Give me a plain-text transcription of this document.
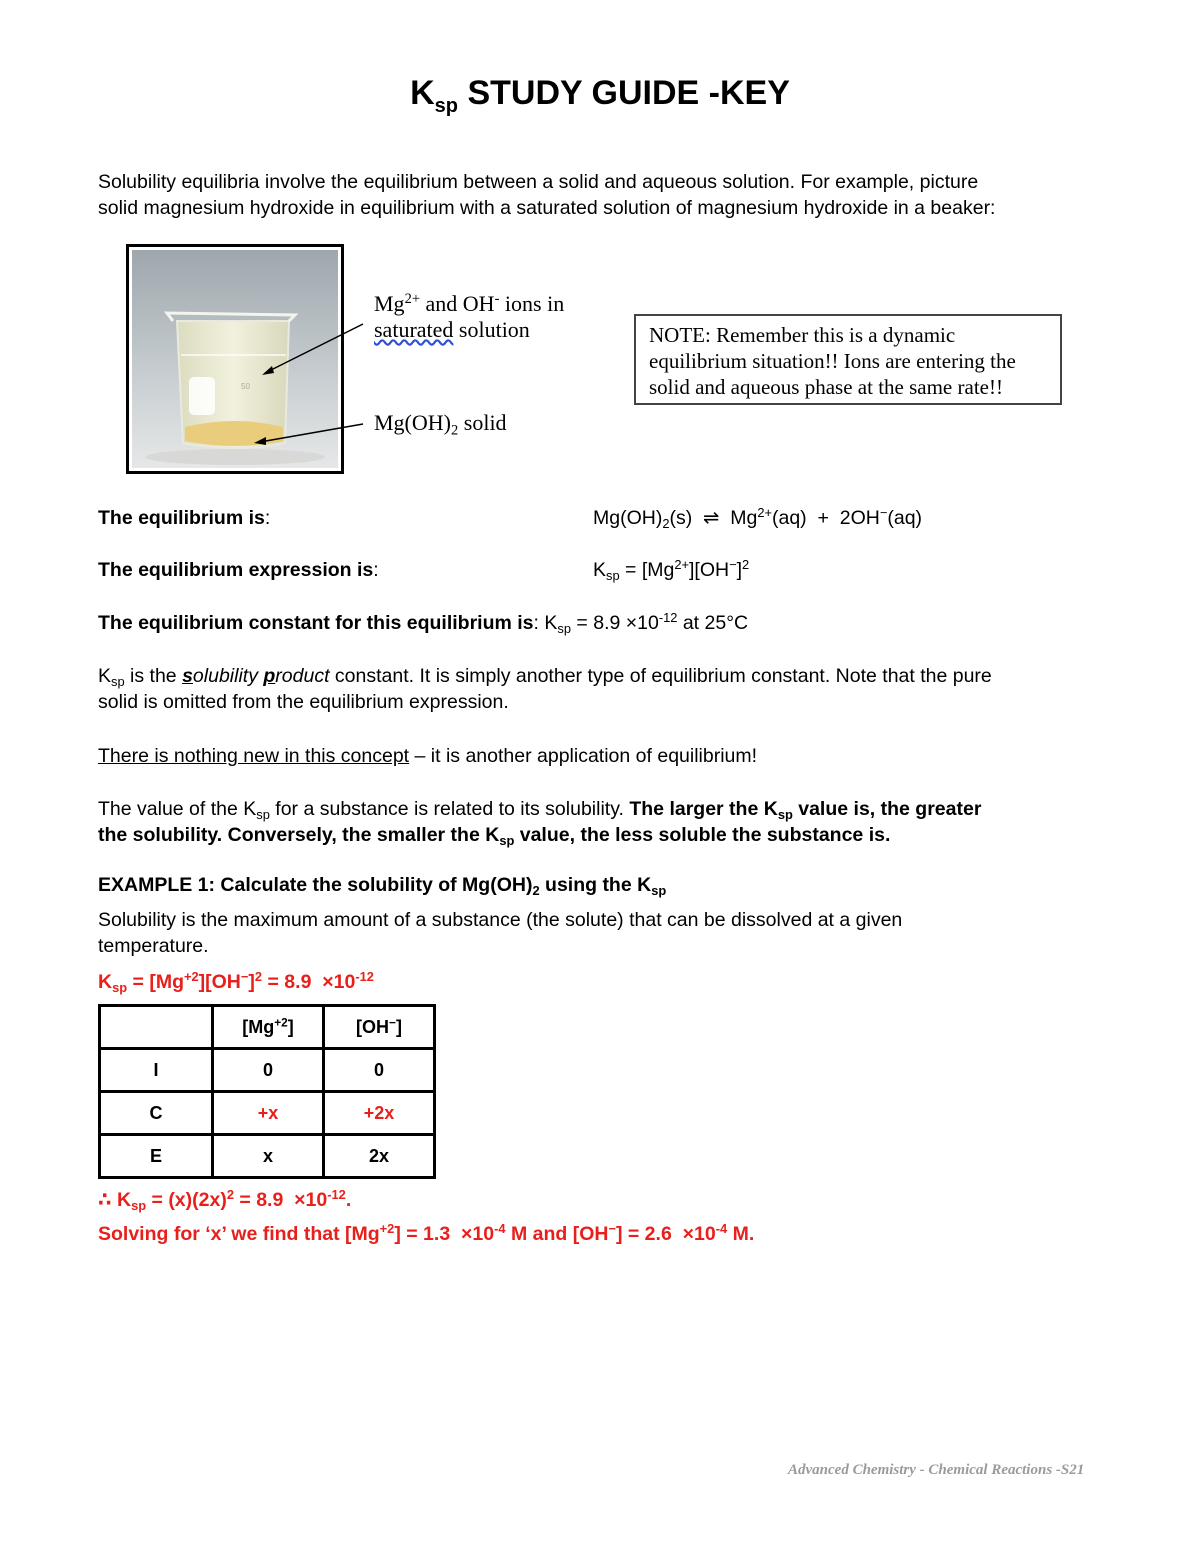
$K_{sp}$ STUDY GUIDE -KEY
Solubility equilibria involve the equilibrium between a solid and aqueous solution. For example, picture
solid magnesium hydroxide in equilibrium with a saturated solution of magnesium hydroxide in a beaker:
50
$Mg^{2+}$ and OH- ions in
saturated solution
$Mg(OH)_2$ solid
NOTE: Remember this is a dynamic equilibrium situation!! Ions are entering the solid and aqueous phase at the same rate!!
The equilibrium is:	$Mg(OH)_2(s)$  ⇌  $Mg^{2+}(aq) + 2OH^-(aq)$
The equilibrium expression is:	$K_{sp} = [Mg^{2+}][OH^-]^2$
The equilibrium constant for this equilibrium is: $K_{sp} = 8.9 \times 10^{-12}$ at 25°C
$K_{sp}$ is the solubility product constant. It is simply another type of equilibrium constant. Note that the pure
solid is omitted from the equilibrium expression.
There is nothing new in this concept – it is another application of equilibrium!
The value of the $K_{sp}$ for a substance is related to its solubility. The larger the $K_{sp}$ value is, the greater
the solubility. Conversely, the smaller the $K_{sp}$ value, the less soluble the substance is.
EXAMPLE 1: Calculate the solubility of $Mg(OH)_2$ using the $K_{sp}$
Solubility is the maximum amount of a substance (the solute) that can be dissolved at a given
temperature.
$K_{sp} = [Mg^{+2}][OH^-]^2 = 8.9 \times 10^{-12}$
	$[Mg^{+2}]$	[OH−]
I	0	0
C	+x	+2x
E	x	2x
∴ $K_{sp} = (x)(2x)^2 = 8.9 \times 10^{-12}$.
Solving for ‘x’ we find that $[Mg^{+2}] = 1.3 \times 10^{-4}$ M and $[OH^-] = 2.6 \times 10^{-4}$ M.
Advanced Chemistry - Chemical Reactions -S21
